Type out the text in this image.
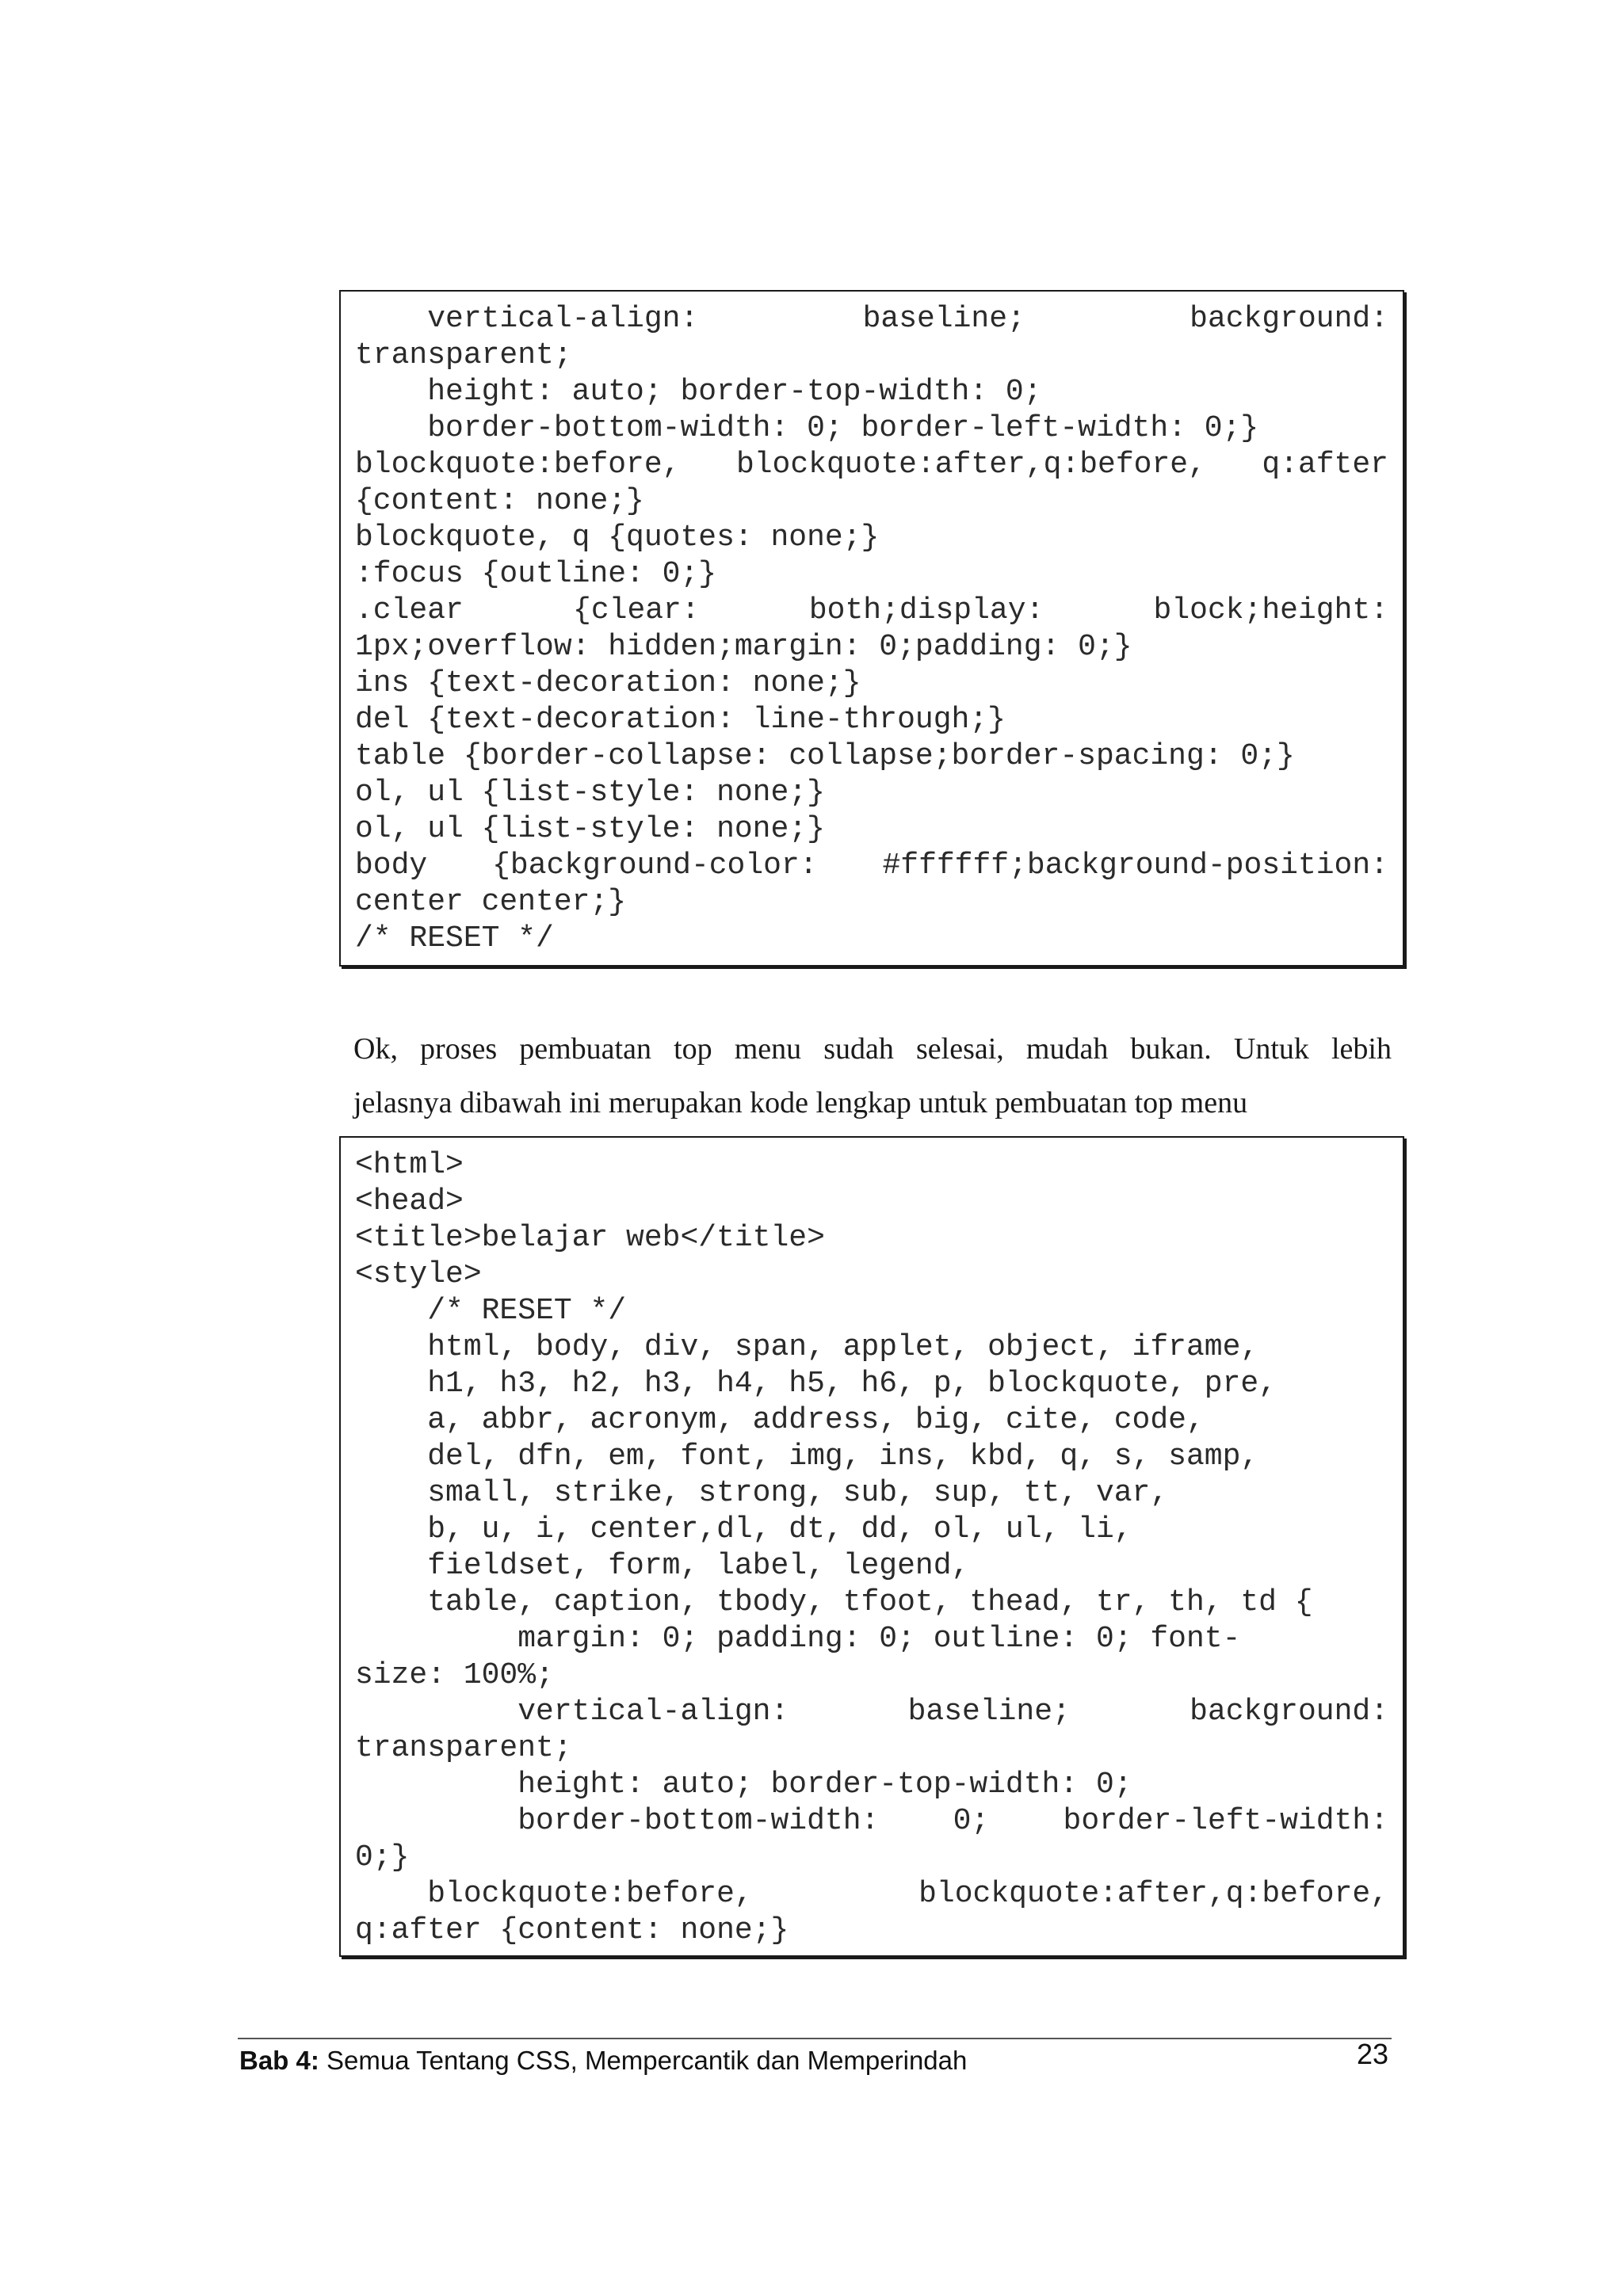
vertical-align:	baseline;	background:
transparent;
height: auto; border-top-width: 0;
border-bottom-width: 0; border-left-width: 0;}
blockquote:before, blockquote:after,q:before, q:after
{content: none;}
blockquote, q {quotes: none;}
:focus {outline: 0;}
.clear	{clear:	both;display:	block;height:
1px;overflow: hidden;margin: 0;padding: 0;}
ins {text-decoration: none;}
del {text-decoration: line-through;}
table {border-collapse: collapse;border-spacing: 0;}
ol, ul {list-style: none;}
ol, ul {list-style: none;}
body {background-color: #ffffff;background-position:
center center;}
/* RESET */
Ok, proses pembuatan top menu sudah selesai, mudah bukan. Untuk lebih
jelasnya dibawah ini merupakan kode lengkap untuk pembuatan top menu
<html>
<head>
<title>belajar web</title>
<style>
/* RESET */
html, body, div, span, applet, object, iframe,
h1, h3, h2, h3, h4, h5, h6, p, blockquote, pre,
a, abbr, acronym, address, big, cite, code,
del, dfn, em, font, img, ins, kbd, q, s, samp,
small, strike, strong, sub, sup, tt, var,
b, u, i, center,dl, dt, dd, ol, ul, li,
fieldset, form, label, legend,
table, caption, tbody, tfoot, thead, tr, th, td {
margin: 0; padding: 0; outline: 0; font-
size: 100%;
vertical-align:	baseline;	background:
transparent;
height: auto; border-top-width: 0;
border-bottom-width: 0; border-left-width:
0;}
blockquote:before,	blockquote:after,q:before,
q:after {content: none;}
Bab 4: Semua Tentang CSS, Mempercantik dan Memperindah	23
